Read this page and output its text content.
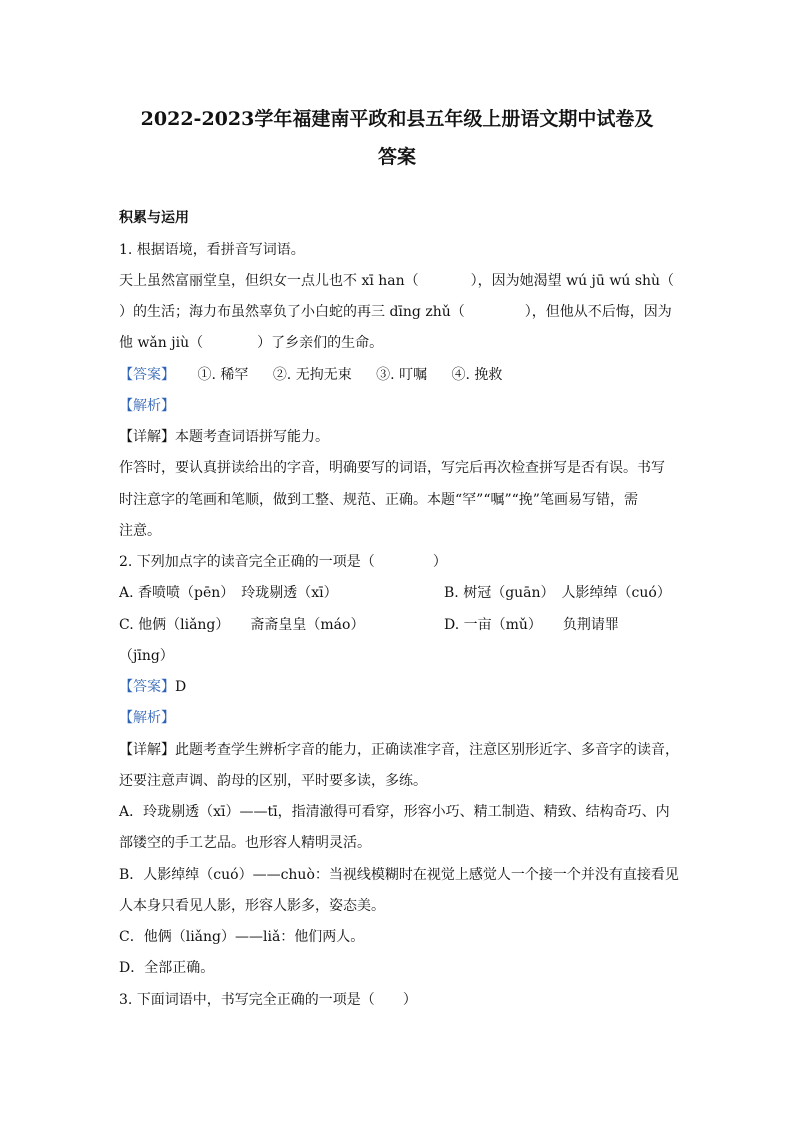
2022-2023学年福建南平政和县五年级上册语文期中试卷及
答案
积累与运用
1. 根据语境，看拼音写词语。
天上虽然富丽堂皇，但织女一点儿也不 xī han（	），因为她渴望 wú jū wú shù（
）的生活；海力布虽然辜负了小白蛇的再三 dīng zhǔ（	），但他从不后悔，因为
他 wǎn jiù（	）了乡亲们的生命。
【答案】 ①. 稀罕 ②. 无拘无束 ③. 叮嘱 ④. 挽救
【解析】
【详解】本题考查词语拼写能力。
作答时，要认真拼读给出的字音，明确要写的词语，写完后再次检查拼写是否有误。书写
时注意字的笔画和笔顺，做到工整、规范、正确。本题“罕”“嘱”“挽”笔画易写错，需
注意。
2. 下列加点字的读音完全正确的一项是（	）
A. 香喷喷（pēn）　玲珑剔透（xī）	B. 树冠（guān）　人影绰绰（cuó）
C. 他俩（liǎng）　　斋斋皇皇（máo）	D. 一亩（mǔ）　　负荆请罪
（jīng）
【答案】D
【解析】
【详解】此题考查学生辨析字音的能力，正确读准字音，注意区别形近字、多音字的读音，
还要注意声调、韵母的区别，平时要多读，多练。
A．玲珑剔透（xī）——tī，指清澈得可看穿，形容小巧、精工制造、精致、结构奇巧、内
部镂空的手工艺品。也形容人精明灵活。
B．人影绰绰（cuó）——chuò：当视线模糊时在视觉上感觉人一个接一个并没有直接看见
人本身只看见人影，形容人影多，姿态美。
C．他俩（liǎng）——liǎ：他们两人。
D．全部正确。
3. 下面词语中，书写完全正确的一项是（ ）
